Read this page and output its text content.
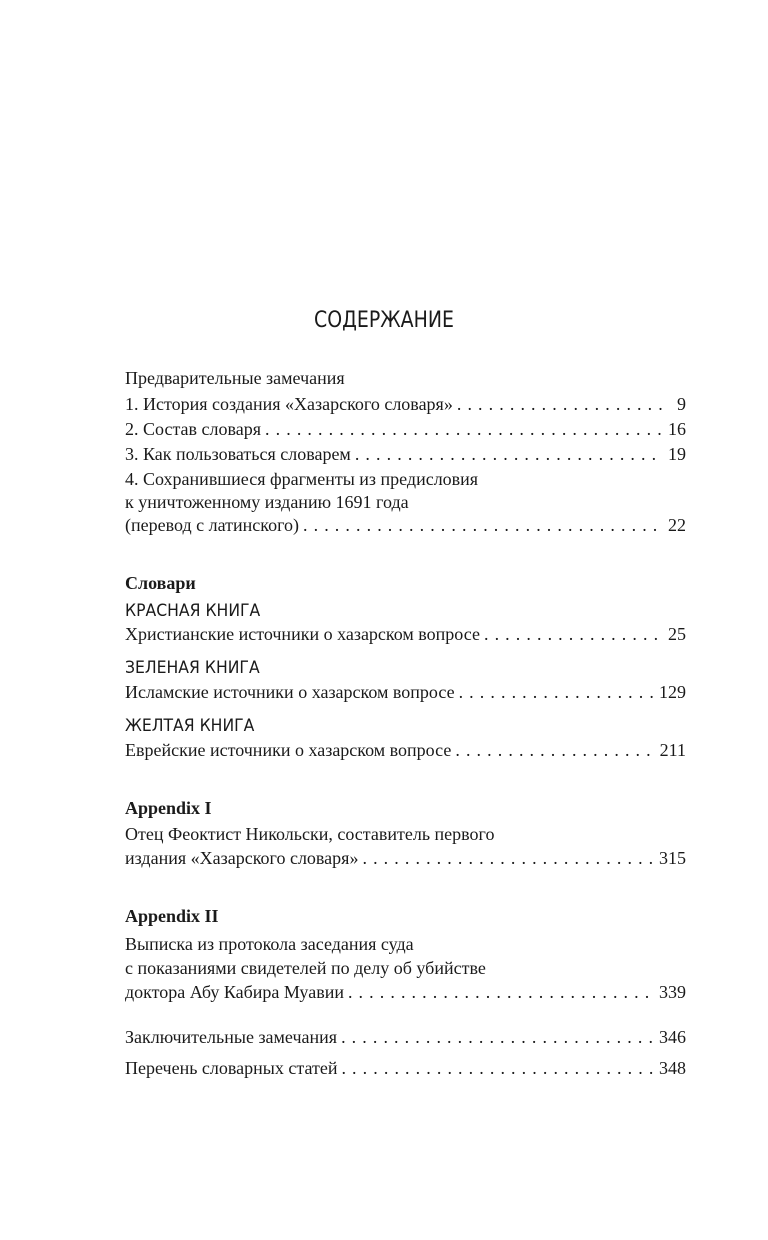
СОДЕРЖАНИЕ
Предварительные замечания
1. История создания «Хазарского словаря» . . .	9
2. Состав словаря . . .	16
3. Как пользоваться словарем . . .	19
4. Сохранившиеся фрагменты из предисловия
к уничтоженному изданию 1691 года
(перевод с латинского) . . .	22
Словари
КРАСНАЯ КНИГА
Христианские источники о хазарском вопросе . . .	25
ЗЕЛЕНАЯ КНИГА
Исламские источники о хазарском вопросе . . .	129
ЖЕЛТАЯ КНИГА
Еврейские источники о хазарском вопросе . . .	211
Appendix I
Отец Феоктист Никольски, составитель первого
издания «Хазарского словаря» . . .	315
Appendix II
Выписка из протокола заседания суда
с показаниями свидетелей по делу об убийстве
доктора Абу Кабира Муавии . . .	339
Заключительные замечания . . .	346
Перечень словарных статей . . .	348
